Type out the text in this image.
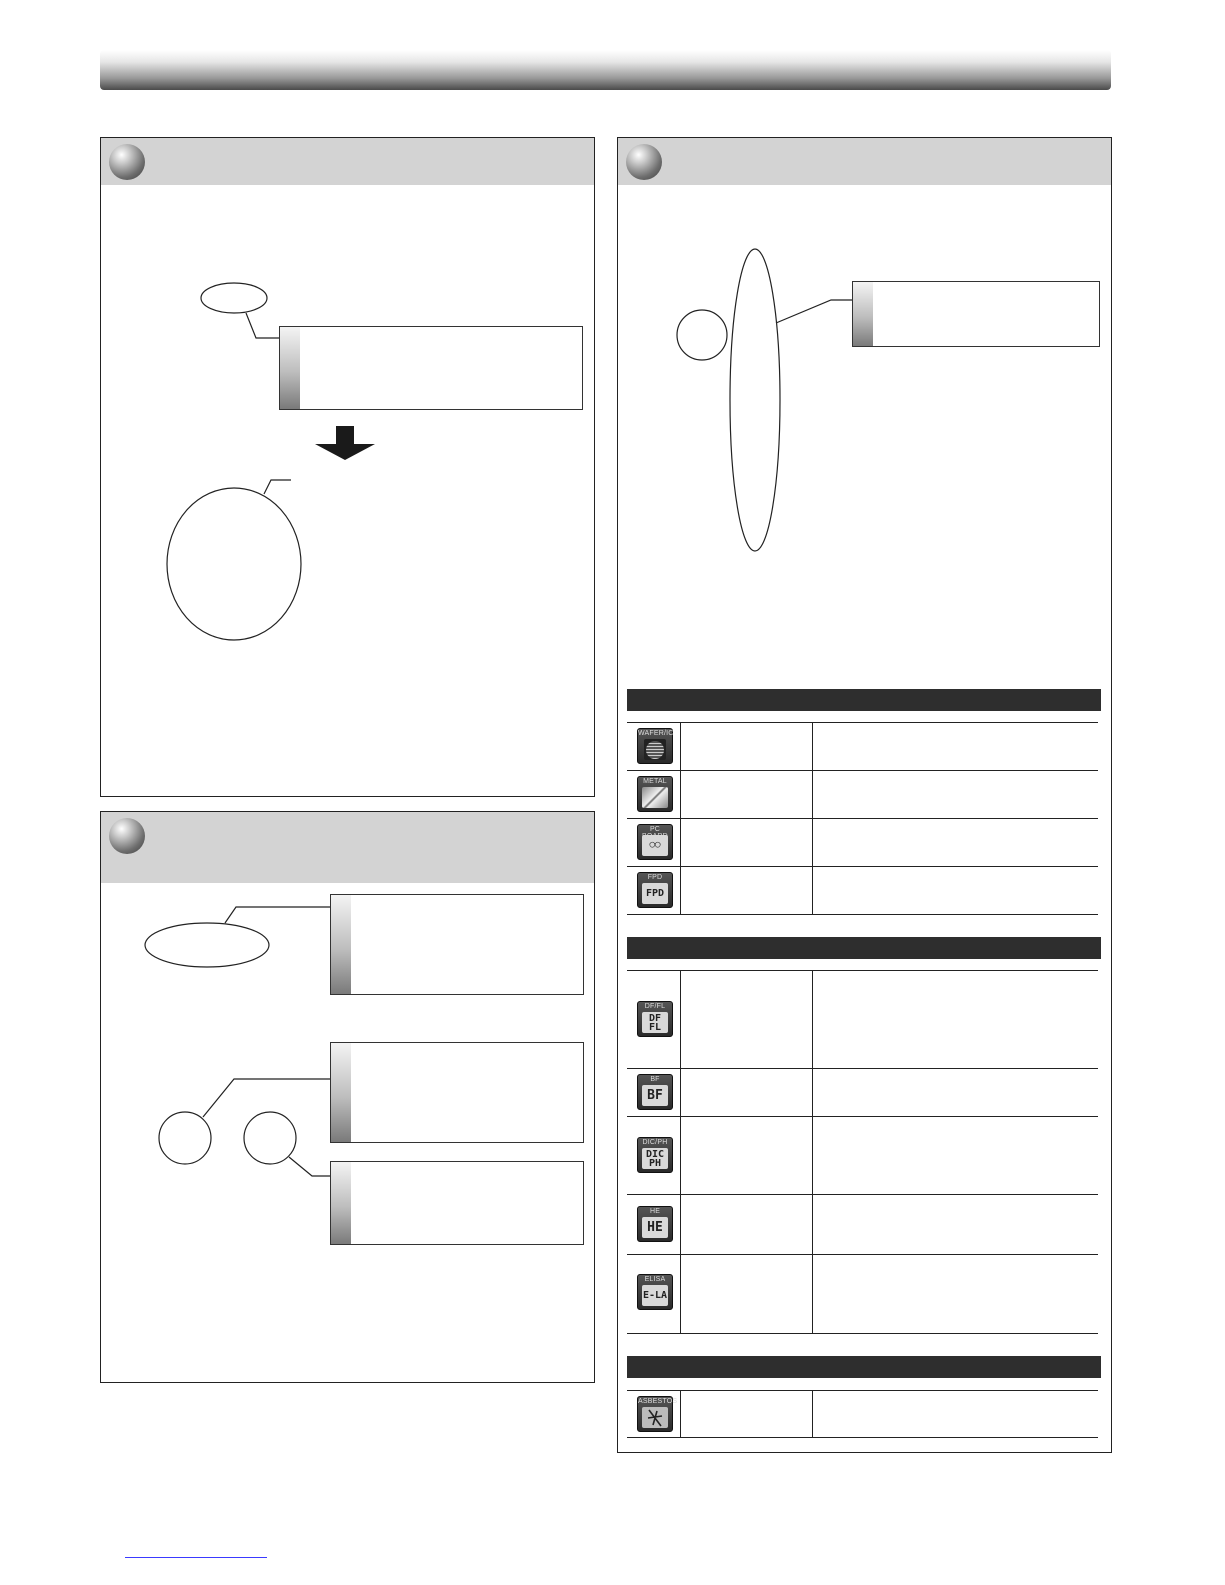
WAFER/IC
METAL
PC
◯◯
FPD
FPD
DF/FL
DF FL
BF
BF
DIC/PH
DIC PH
HE
HE
ELISA
E-LA
ASBESTOS
